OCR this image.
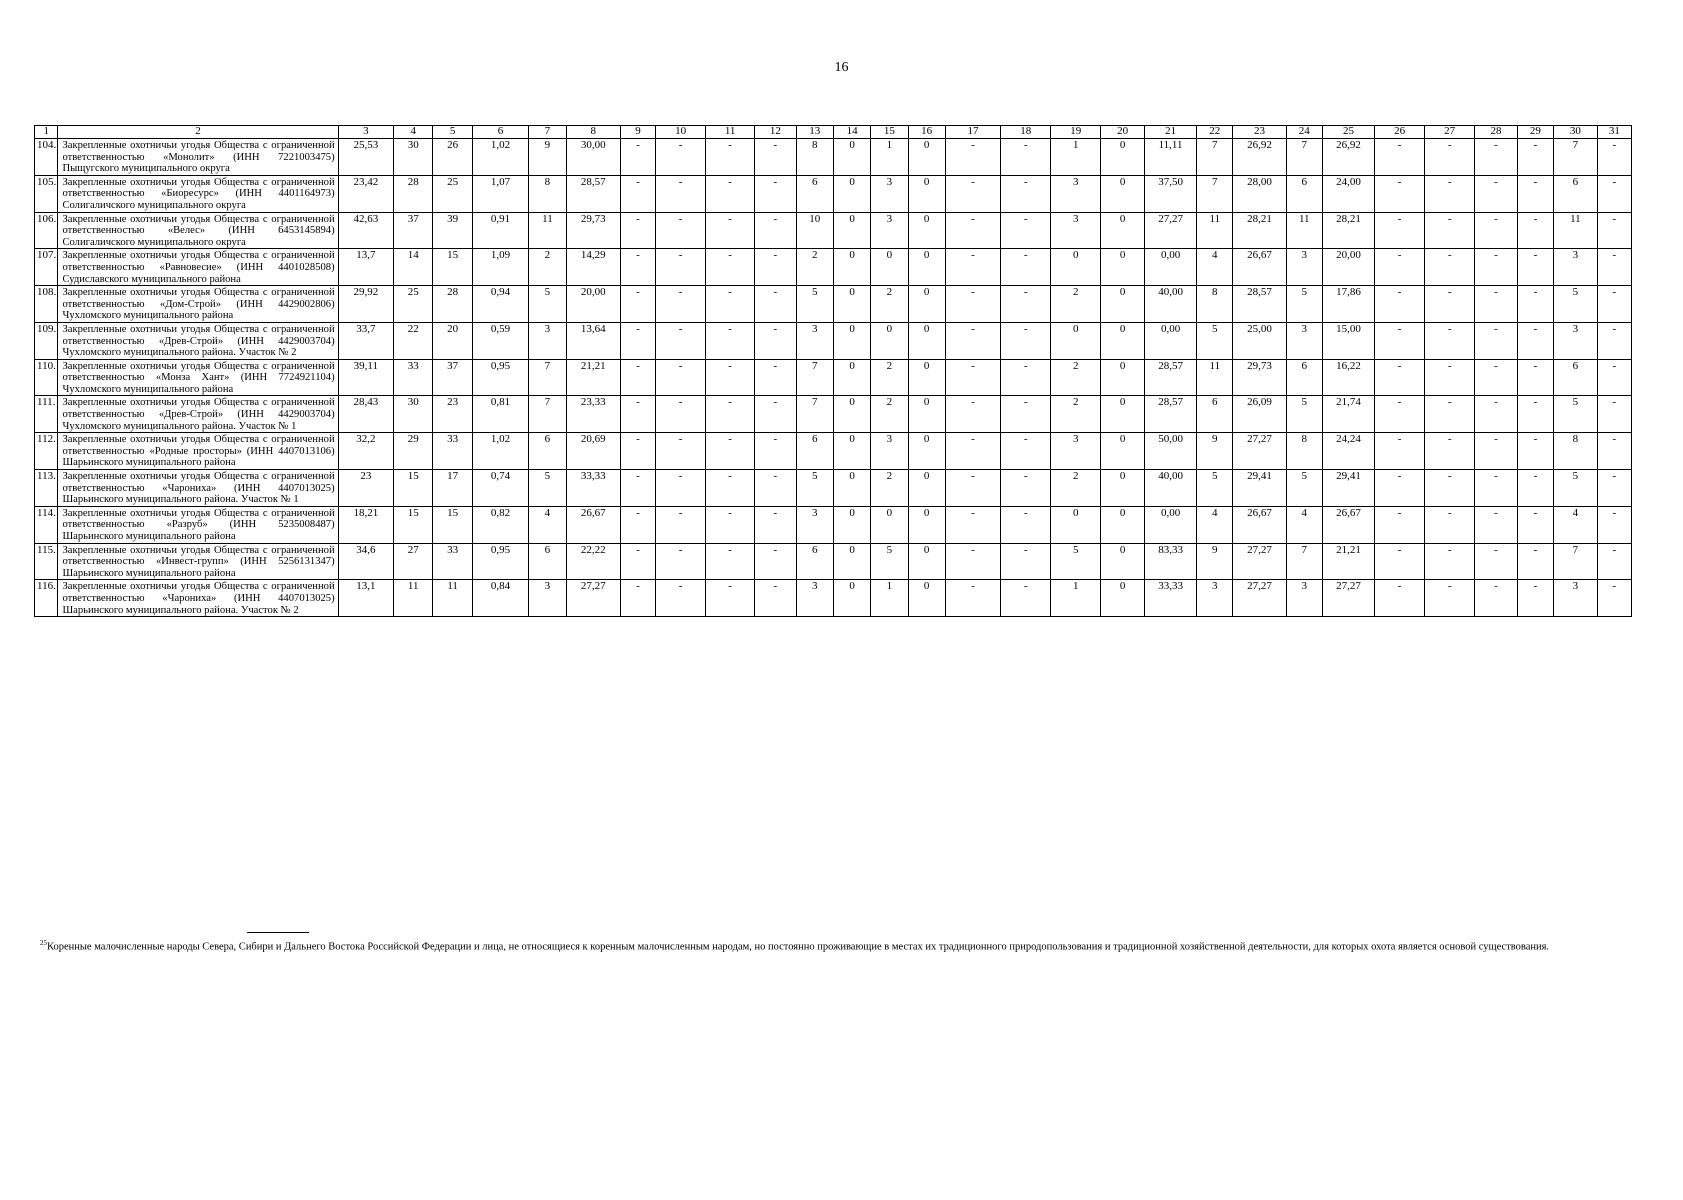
16
1	2	3	4	5	6	7	8	9	10	11	12	13	14	15	16	17	18	19	20	21	22	23	24	25	26	27	28	29	30	31
104.	Закрепленные охотничьи угодья Общества с ограниченной ответственностью «Монолит» (ИНН 7221003475) Пыщугского муниципального округа	25,53	30	26	1,02	9	30,00	-	-	-	-	8	0	1	0	-	-	1	0	11,11	7	26,92	7	26,92	-	-	-	-	7	-
105.	Закрепленные охотничьи угодья Общества с ограниченной ответственностью «Биоресурс» (ИНН 4401164973) Солигаличского муниципального округа	23,42	28	25	1,07	8	28,57	-	-	-	-	6	0	3	0	-	-	3	0	37,50	7	28,00	6	24,00	-	-	-	-	6	-
106.	Закрепленные охотничьи угодья Общества с ограниченной ответственностью «Велес» (ИНН 6453145894) Солигаличского муниципального округа	42,63	37	39	0,91	11	29,73	-	-	-	-	10	0	3	0	-	-	3	0	27,27	11	28,21	11	28,21	-	-	-	-	11	-
107.	Закрепленные охотничьи угодья Общества с ограниченной ответственностью «Равновесие» (ИНН 4401028508) Судиславского муниципального района	13,7	14	15	1,09	2	14,29	-	-	-	-	2	0	0	0	-	-	0	0	0,00	4	26,67	3	20,00	-	-	-	-	3	-
108.	Закрепленные охотничьи угодья Общества с ограниченной ответственностью «Дом-Строй» (ИНН 4429002806) Чухломского муниципального района	29,92	25	28	0,94	5	20,00	-	-	-	-	5	0	2	0	-	-	2	0	40,00	8	28,57	5	17,86	-	-	-	-	5	-
109.	Закрепленные охотничьи угодья Общества с ограниченной ответственностью «Древ-Строй» (ИНН 4429003704) Чухломского муниципального района. Участок № 2	33,7	22	20	0,59	3	13,64	-	-	-	-	3	0	0	0	-	-	0	0	0,00	5	25,00	3	15,00	-	-	-	-	3	-
110.	Закрепленные охотничьи угодья Общества с ограниченной ответственностью «Монза Хант» (ИНН 7724921104) Чухломского муниципального района	39,11	33	37	0,95	7	21,21	-	-	-	-	7	0	2	0	-	-	2	0	28,57	11	29,73	6	16,22	-	-	-	-	6	-
111.	Закрепленные охотничьи угодья Общества с ограниченной ответственностью «Древ-Строй» (ИНН 4429003704) Чухломского муниципального района. Участок № 1	28,43	30	23	0,81	7	23,33	-	-	-	-	7	0	2	0	-	-	2	0	28,57	6	26,09	5	21,74	-	-	-	-	5	-
112.	Закрепленные охотничьи угодья Общества с ограниченной ответственностью «Родные просторы» (ИНН 4407013106) Шарьинского муниципального района	32,2	29	33	1,02	6	20,69	-	-	-	-	6	0	3	0	-	-	3	0	50,00	9	27,27	8	24,24	-	-	-	-	8	-
113.	Закрепленные охотничьи угодья Общества с ограниченной ответственностью «Чарониха» (ИНН 4407013025) Шарьинского муниципального района. Участок № 1	23	15	17	0,74	5	33,33	-	-	-	-	5	0	2	0	-	-	2	0	40,00	5	29,41	5	29,41	-	-	-	-	5	-
114.	Закрепленные охотничьи угодья Общества с ограниченной ответственностью «Разруб» (ИНН 5235008487) Шарьинского муниципального района	18,21	15	15	0,82	4	26,67	-	-	-	-	3	0	0	0	-	-	0	0	0,00	4	26,67	4	26,67	-	-	-	-	4	-
115.	Закрепленные охотничьи угодья Общества с ограниченной ответственностью «Инвест-групп» (ИНН 5256131347) Шарьинского муниципального района	34,6	27	33	0,95	6	22,22	-	-	-	-	6	0	5	0	-	-	5	0	83,33	9	27,27	7	21,21	-	-	-	-	7	-
116.	Закрепленные охотничьи угодья Общества с ограниченной ответственностью «Чарониха» (ИНН 4407013025) Шарьинского муниципального района. Участок № 2	13,1	11	11	0,84	3	27,27	-	-	-	-	3	0	1	0	-	-	1	0	33,33	3	27,27	3	27,27	-	-	-	-	3	-
$^{25}$Коренные малочисленные народы Севера, Сибири и Дальнего Востока Российской Федерации и лица, не относящиеся к коренным малочисленным народам, но постоянно проживающие в местах их традиционного природопользования и традиционной хозяйственной деятельности, для которых охота является основой существования.
